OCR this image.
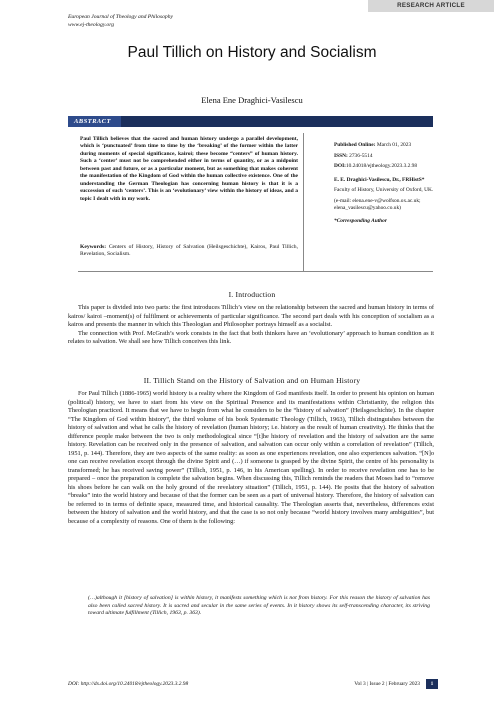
RESEARCH ARTICLE
European Journal of Theology and Philosophy
www.ej-theology.org
Paul Tillich on History and Socialism
Elena Ene Draghici-Vasilescu
ABSTRACT
Paul Tillich believes that the sacred and human history undergo a parallel development, which is ‘punctuated’ from time to time by the ‘breaking’ of the former within the latter during moments of special significance, kairoi; these become “centers” of human history. Such a ‘center’ must not be comprehended either in terms of quantity, or as a midpoint between past and future, or as a particular moment, but as something that makes coherent the manifestation of the Kingdom of God within the human collective existence. One of the understanding the German Theologian has concerning human history is that it is a succession of such ‘centers’. This is an ‘evolutionary’ view within the history of ideas, and a topic I dealt with in my work.
Keywords: Centers of History, History of Salvation (Heilsgeschichte), Kairos, Paul Tillich, Revelation, Socialism.

Published Online: March 01, 2023

ISSN: 2736-5514

DOI:10.24018/ejtheology.2023.3.2.98

E. E. Draghici-Vasilescu, Dr., FRHistS*

Faculty of History, University of Oxford, UK.

(e-mail: elena.ene-v@wolfson.ox.ac.uk; elena_vasilescu@yahoo.co.uk)

*Corresponding Author

I. Introduction

This paper is divided into two parts: the first introduces Tillich’s view on the relationship between the sacred and human history in terms of kairos/ kairoi –moment(s) of fulfilment or achievements of particular significance. The second part deals with his conception of socialism as a kairos and presents the manner in which this Theologian and Philosopher portrays himself as a socialist.

The connection with Prof. McGrath’s work consists in the fact that both thinkers have an ‘evolutionary’ approach to human condition as it relates to salvation. We shall see how Tillich conceives this link.

II. Tillich Stand on the History of Salvation and on Human History

For Paul Tillich (1886-1965) world history is a reality where the Kingdom of God manifests itself. In order to present his opinion on human (political) history, we have to start from his view on the Spiritual Presence and its manifestations within Christianity, the religion this Theologian practiced. It means that we have to begin from what he considers to be the “history of salvation” (Heilsgeschichte). In the chapter “The Kingdom of God within history”, the third volume of his book Systematic Theology (Tillich, 1963), Tillich distinguishes between the history of salvation and what he calls the history of revelation (human history; i.e. history as the result of human creativity). He thinks that the difference people make between the two is only methodological since “[t]he history of revelation and the history of salvation are the same history. Revelation can be received only in the presence of salvation, and salvation can occur only within a correlation of revelation” (Tillich, 1951, p. 144). Therefore, they are two aspects of the same reality: as soon as one experiences revelation, one also experiences salvation. “[N]o one can receive revelation except through the divine Spirit and (…) if someone is grasped by the divine Spirit, the centre of his personality is transformed; he has received saving power” (Tillich, 1951, p. 146, in his American spelling). In order to receive revelation one has to be prepared – once the preparation is complete the salvation begins. When discussing this, Tillich reminds the readers that Moses had to “remove his shoes before he can walk on the holy ground of the revelatory situation” (Tillich, 1951, p. 144). He posits that the history of salvation “breaks” into the world history and because of that the former can be seen as a part of universal history. Therefore, the history of salvation can be referred to in terms of definite space, measured time, and historical causality. The Theologian asserts that, nevertheless, differences exist between the history of salvation and the world history, and that the case is so not only because “world history involves many ambiguities”, but because of a complexity of reasons. One of them is the following:

(…)although it [history of salvation] is within history, it manifests something which is not from history. For this reason the history of salvation has also been called sacred history. It is sacred and secular in the same series of events. In it history shows its self-transcending character, its striving toward ultimate fulfillment (Tillich, 1963, p. 363).
DOI: http://dx.doi.org/10.24018/ejtheology.2023.3.2.98	Vol 3 | Issue 2 | February 2023	1
